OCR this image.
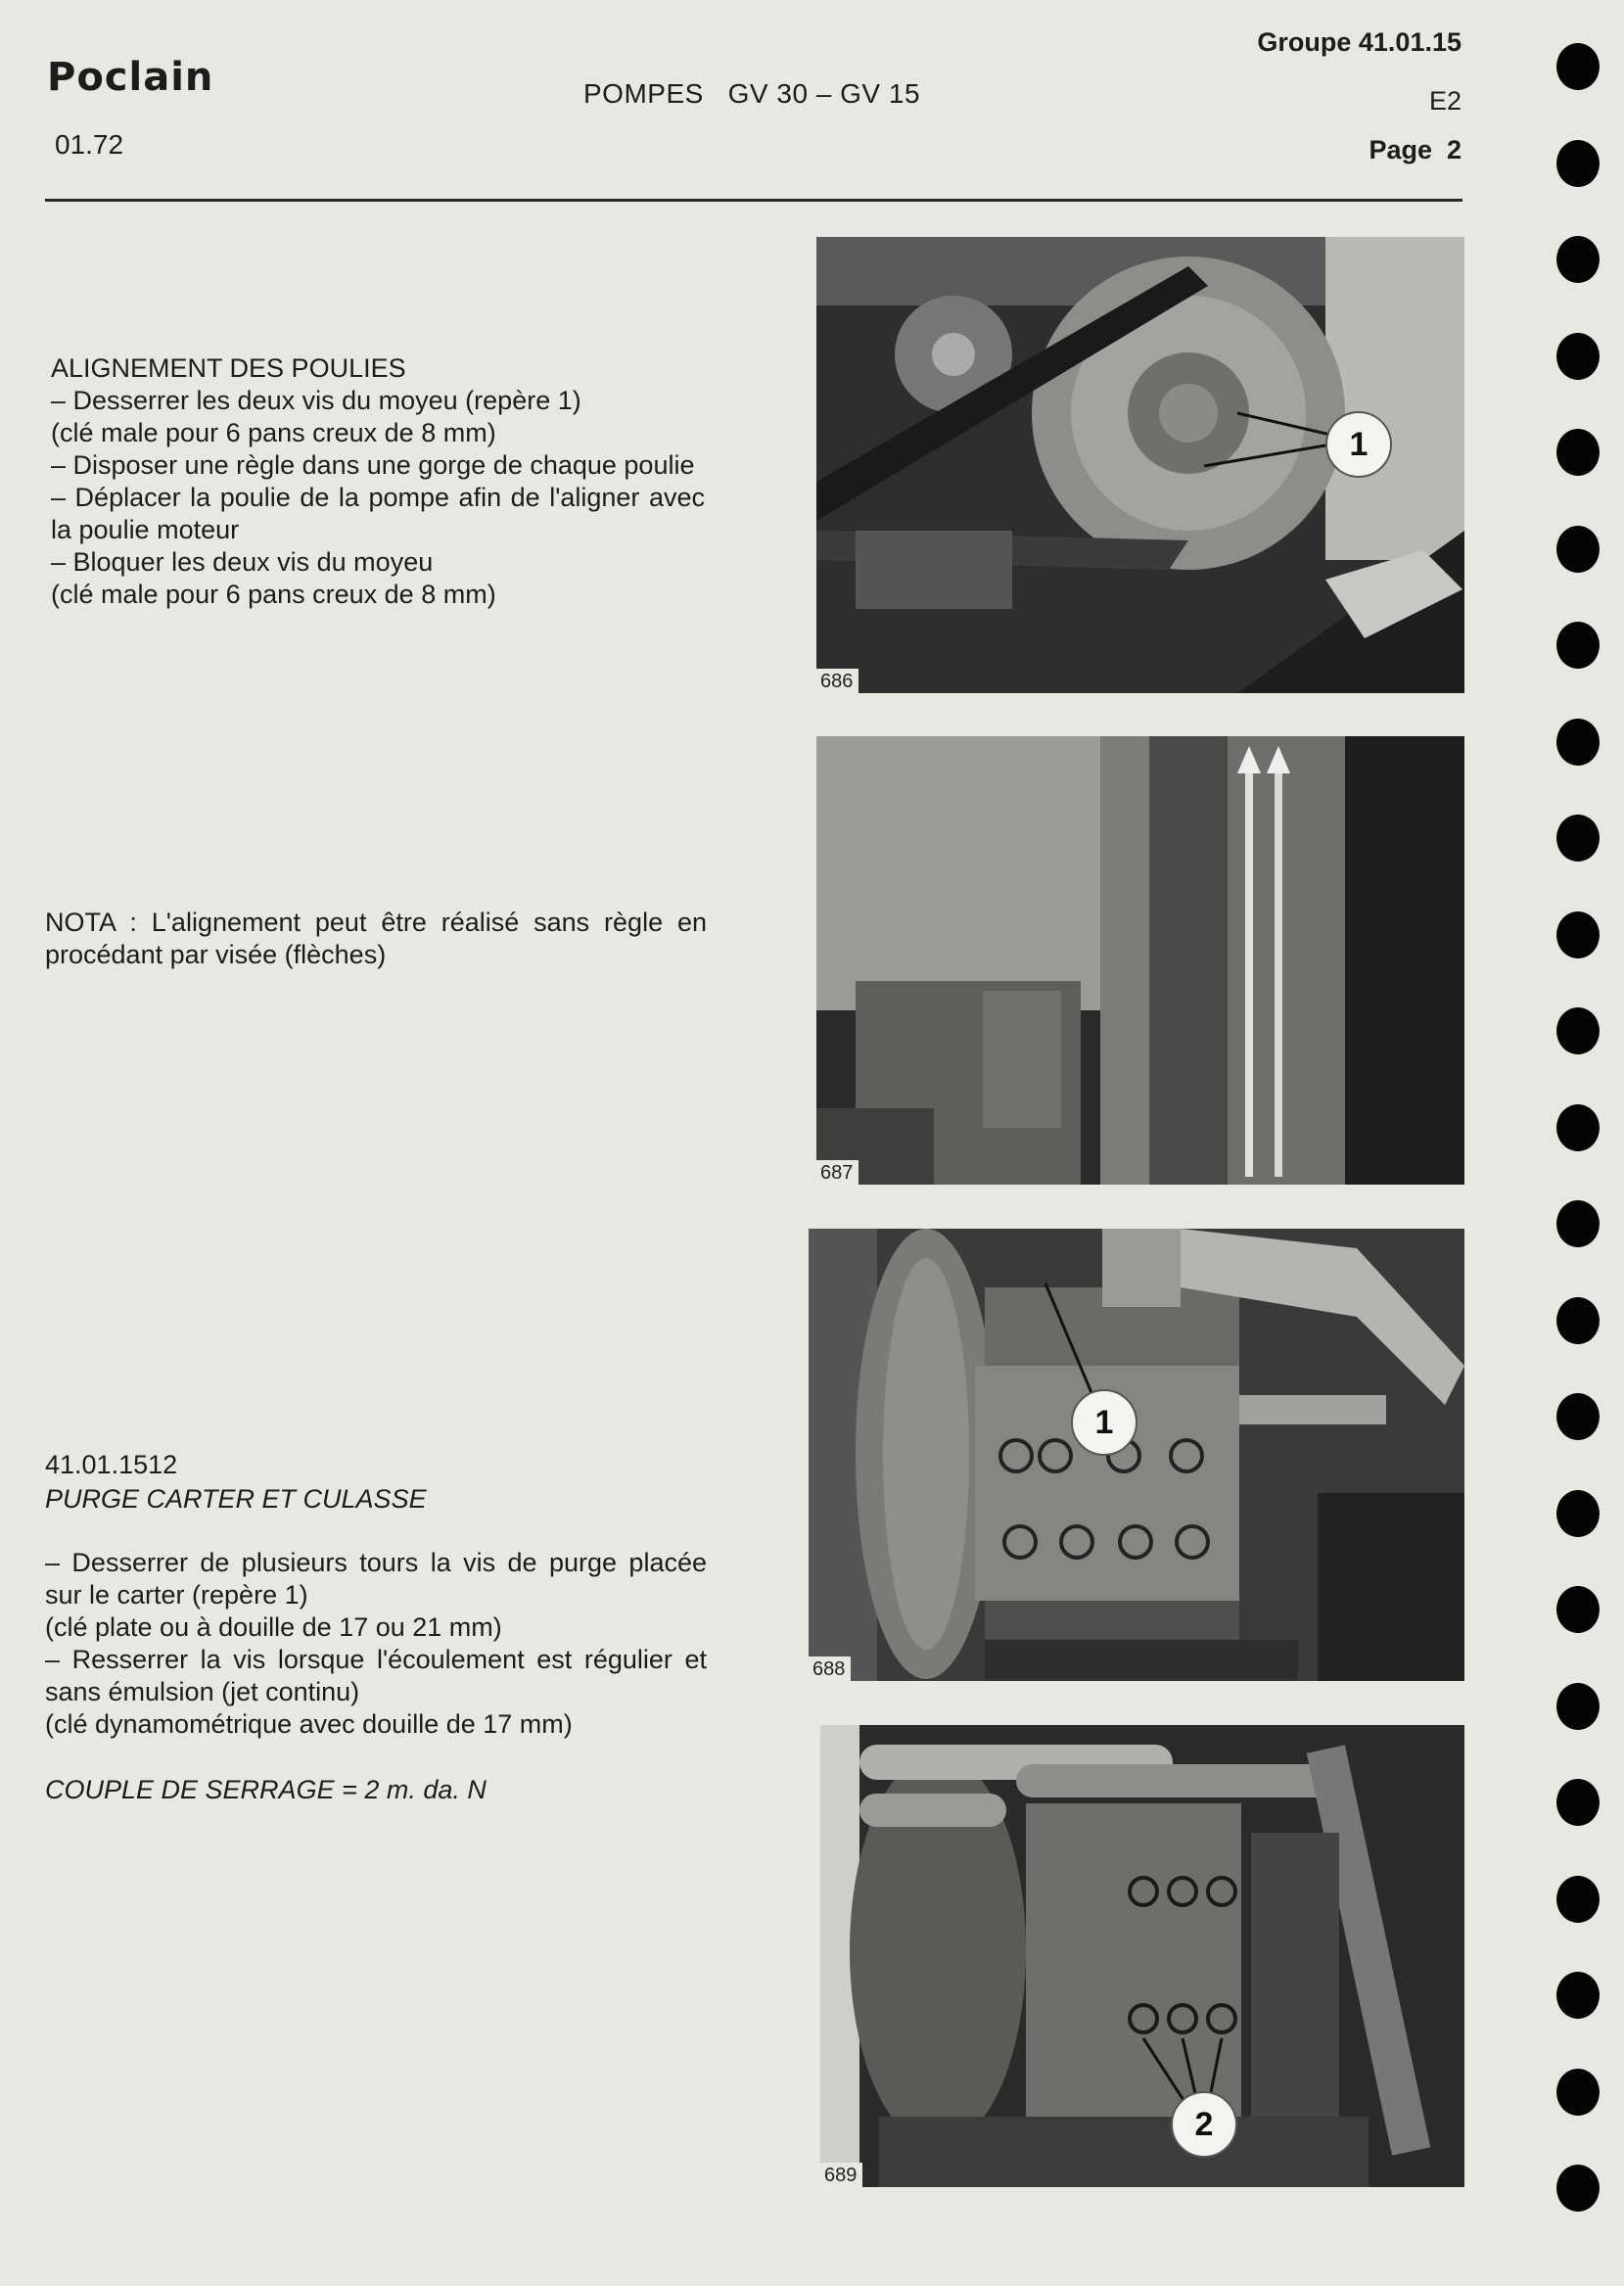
Poclain
01.72
POMPES   GV 30 – GV 15
Groupe 41.01.15
E2
Page  2

ALIGNEMENT DES POULIES

– Desserrer les deux vis du moyeu (repère 1)

(clé male pour 6 pans creux de 8 mm)

– Disposer une règle dans une gorge de chaque poulie

– Déplacer la poulie de la pompe afin de l'aligner avec la poulie moteur

– Bloquer les deux vis du moyeu

(clé male pour 6 pans creux de 8 mm)

NOTA : L'alignement peut être réalisé sans règle en procédant par visée (flèches)

41.01.1512

PURGE CARTER ET CULASSE

– Desserrer de plusieurs tours la vis de purge placée sur le carter (repère 1)

(clé plate ou à douille de 17 ou 21 mm)

– Resserrer la vis lorsque l'écoulement est régulier et sans émulsion (jet continu)

(clé dynamométrique avec douille de 17 mm)

COUPLE DE SERRAGE = 2 m. da. N

1
686
687
1
688
2
689
